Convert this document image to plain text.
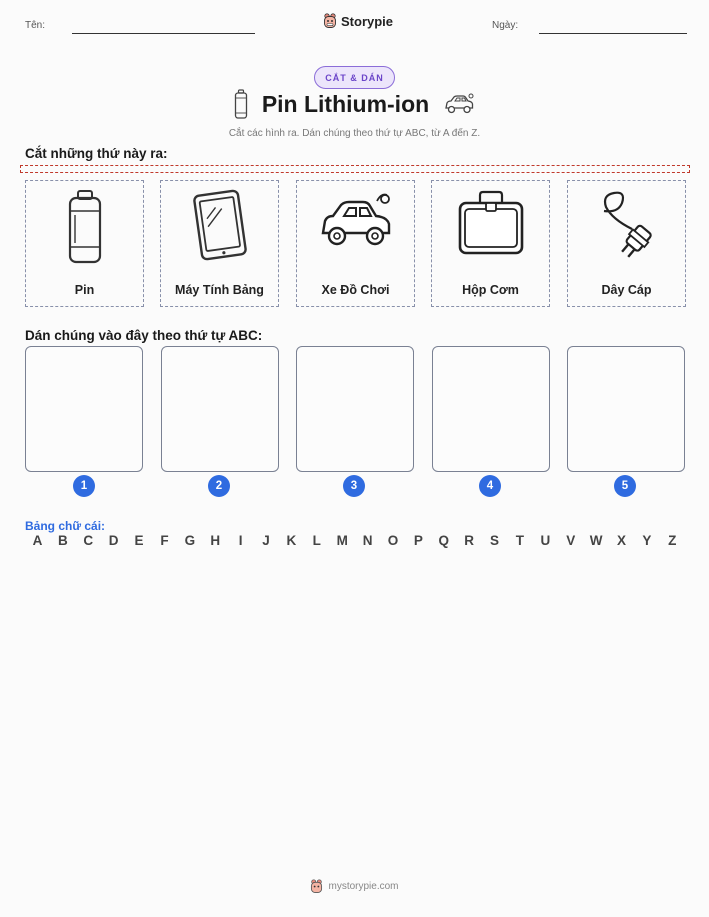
Tên:	Storypie	Ngày:
CẮT & DÁN
Pin Lithium-ion
Cắt các hình ra. Dán chúng theo thứ tự ABC, từ A đến Z.
Cắt những thứ này ra:
Pin	Máy Tính Bảng	Xe Đồ Chơi	Hộp Cơm	Dây Cáp
Dán chúng vào đây theo thứ tự ABC:
1	2	3	4	5
Bảng chữ cái:
A	B	C	D	E	F	G	H	I	J	K	L	M	N	O	P	Q	R	S	T	U	V	W	X	Y	Z
mystorypie.com
